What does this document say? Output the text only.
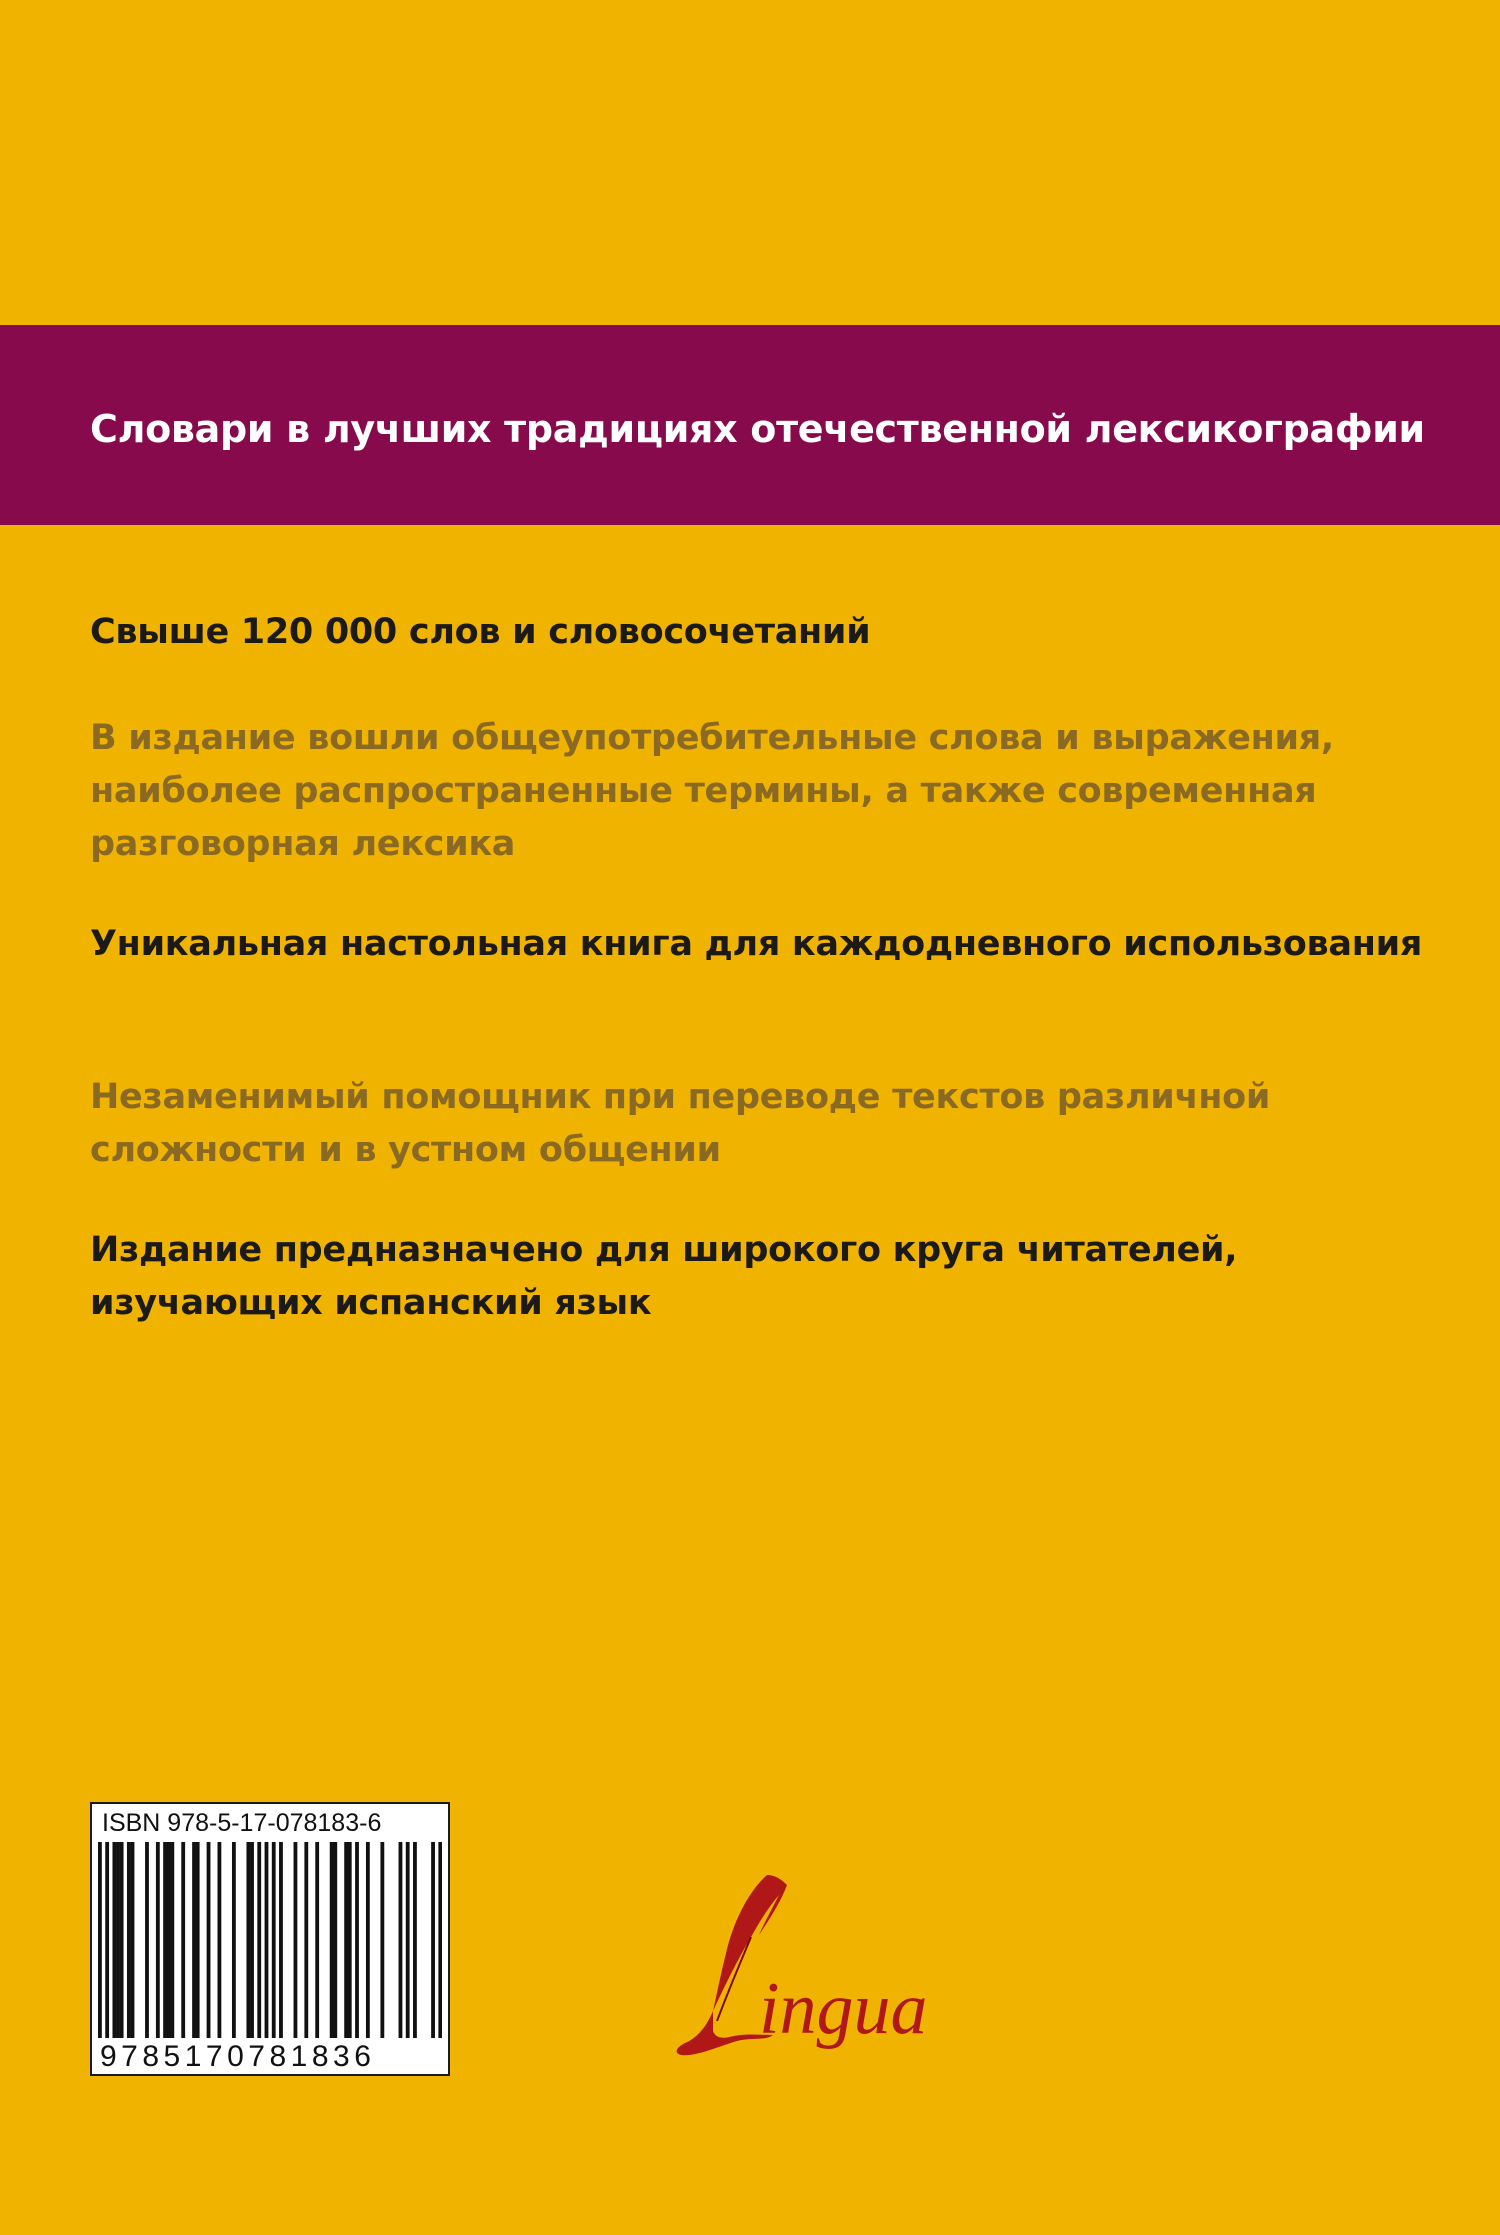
Словари в лучших традициях отечественной лексикографии
Свыше 120 000 слов и словосочетаний
В издание вошли общеупотребительные слова и выражения, наиболее распространенные термины, а также современная разговорная лексика
Уникальная настольная книга для каждодневного использования
Незаменимый помощник при переводе текстов различной сложности и в устном общении
Издание предназначено для широкого круга читателей, изучающих испанский язык
ISBN 978-5-17-078183-6
9785170781836
ingua
